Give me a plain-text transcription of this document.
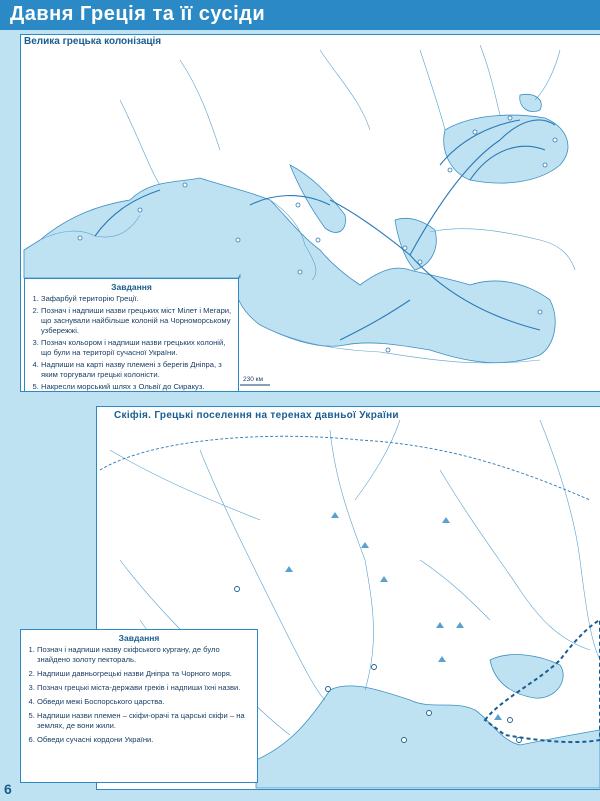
Давня Греція та її сусіди
Велика грецька колонізація
230 км
Завдання
1. Зафарбуй територію Греції.
2. Познач і надпиши назви грецьких міст Мілет і Мегари, що заснували найбільше колоній на Чорноморському узбережжі.
3. Познач кольором і надпиши назви грецьких колоній, що були на території сучасної України.
4. Надпиши на карті назву племені з берегів Дніпра, з яким торгували грецькі колоністи.
5. Накресли морський шлях з Ольвії до Сиракуз.
Скіфія. Грецькі поселення на теренах давньої України
Завдання
1. Познач і надпиши назву скіфського кургану, де було знайдено золоту пектораль.
2. Надпиши давньогрецькі назви Дніпра та Чорного моря.
3. Познач грецькі міста-держави греків і надпиши їхні назви.
4. Обведи межі Боспорського царства.
5. Надпиши назви племен – скіфи-орачі та царські скіфи – на землях, де вони жили.
6. Обведи сучасні кордони України.
6
